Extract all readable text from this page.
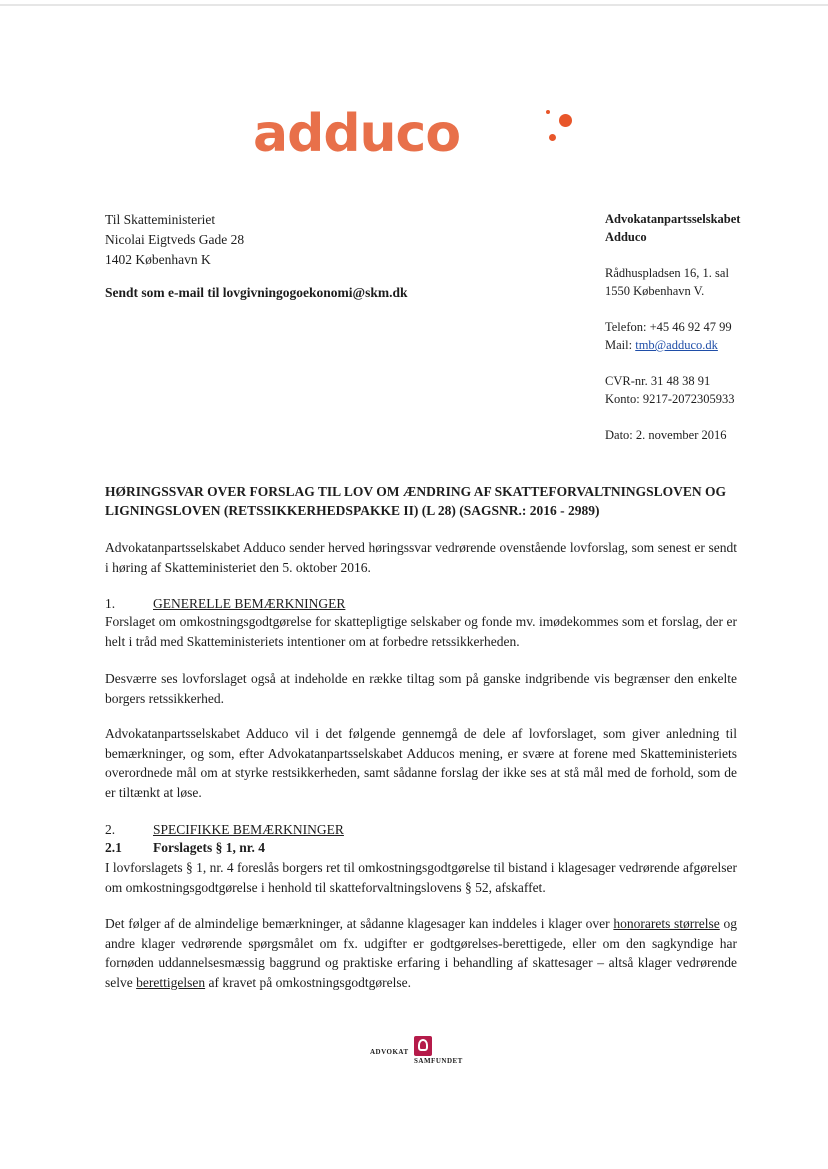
adduco
Til Skatteministeriet
Nicolai Eigtveds Gade 28
1402 København K
Sendt som e-mail til lovgivningogoekonomi@skm.dk
Advokatanpartsselskabet
Adduco
Rådhuspladsen 16, 1. sal
1550 København V.
Telefon: +45 46 92 47 99
Mail: tmb@adduco.dk
CVR-nr. 31 48 38 91
Konto: 9217-2072305933
Dato: 2. november 2016
HØRINGSSVAR OVER FORSLAG TIL LOV OM ÆNDRING AF SKATTEFORVALTNINGSLOVEN OG LIGNINGSLOVEN (RETSSIKKERHEDSPAKKE II) (L 28) (SAGSNR.: 2016 - 2989)

Advokatanpartsselskabet Adduco sender herved høringssvar vedrørende ovenstående lovforslag, som senest er sendt i høring af Skatteministeriet den 5. oktober 2016.

1.	GENERELLE BEMÆRKNINGER

Forslaget om omkostningsgodtgørelse for skattepligtige selskaber og fonde mv. imødekommes som et forslag, der er helt i tråd med Skatteministeriets intentioner om at forbedre retssikkerheden.

Desværre ses lovforslaget også at indeholde en række tiltag som på ganske indgribende vis begrænser den enkelte borgers retssikkerhed.

Advokatanpartsselskabet Adduco vil i det følgende gennemgå de dele af lovforslaget, som giver anledning til bemærkninger, og som, efter Advokatanpartsselskabet Adducos mening, er svære at forene med Skatteministeriets overordnede mål om at styrke restsikkerheden, samt sådanne forslag der ikke ses at stå mål med de forhold, som de er tiltænkt at løse.

2.	SPECIFIKKE BEMÆRKNINGER
2.1 Forslagets § 1, nr. 4

I lovforslagets § 1, nr. 4 foreslås borgers ret til omkostningsgodtgørelse til bistand i klagesager vedrørende afgørelser om omkostningsgodtgørelse i henhold til skatteforvaltningslovens § 52, afskaffet.

Det følger af de almindelige bemærkninger, at sådanne klagesager kan inddeles i klager over honorarets størrelse og andre klager vedrørende spørgsmålet om fx. udgifter er godtgørelses-berettigede, eller om den sagkyndige har fornøden uddannelsesmæssig baggrund og praktiske erfaring i behandling af skattesager – altså klager vedrørende selve berettigelsen af kravet på omkostningsgodtgørelse.

ADVOKAT
SAMFUNDET
